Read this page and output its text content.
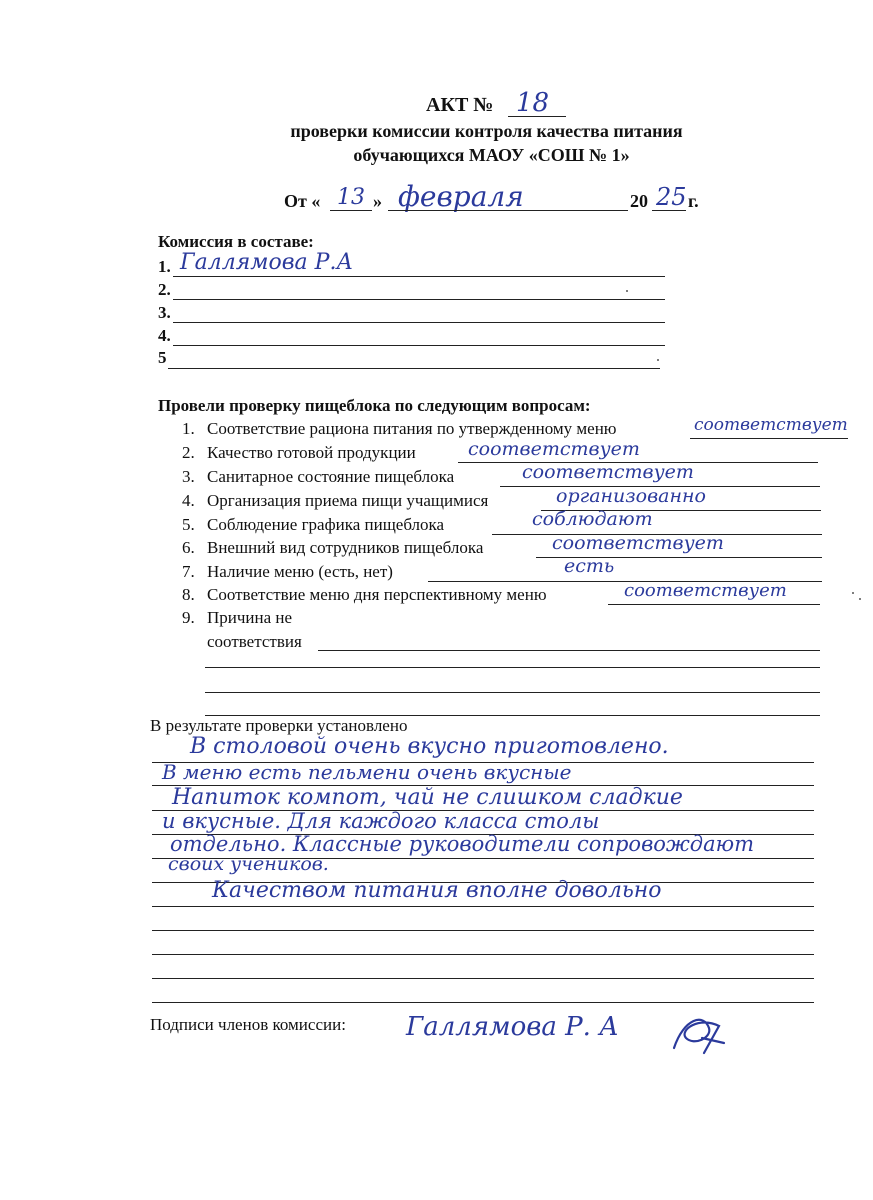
АКТ № 18
проверки комиссии контроля качества питания
обучающихся МАОУ «СОШ № 1»
От « 13 » февраля	20 25 г.
Комиссия в составе:
1. Галлямова Р.А
2.
3.
4.
5
Провели проверку пищеблока по следующим вопросам:
1. Соответствие рациона питания по утвержденному меню	соответствует
2. Качество готовой продукции	соответствует
3. Санитарное состояние пищеблока	соответствует
4. Организация приема пищи учащимися	организованно
5. Соблюдение графика пищеблока	соблюдают
6. Внешний вид сотрудников пищеблока	соответствует
7. Наличие меню (есть, нет)	есть
8. Соответствие меню дня перспективному меню	соответствует
9. Причина не
соответствия
В результате проверки установлено
В столовой очень вкусно приготовлено.
В меню есть пельмени очень вкусные
Напиток компот, чай не слишком сладкие
и вкусные. Для каждого класса столы
отдельно. Классные руководители сопровождают
своих учеников.
Качеством питания вполне довольно
Подписи членов комиссии: Галлямова Р. А
